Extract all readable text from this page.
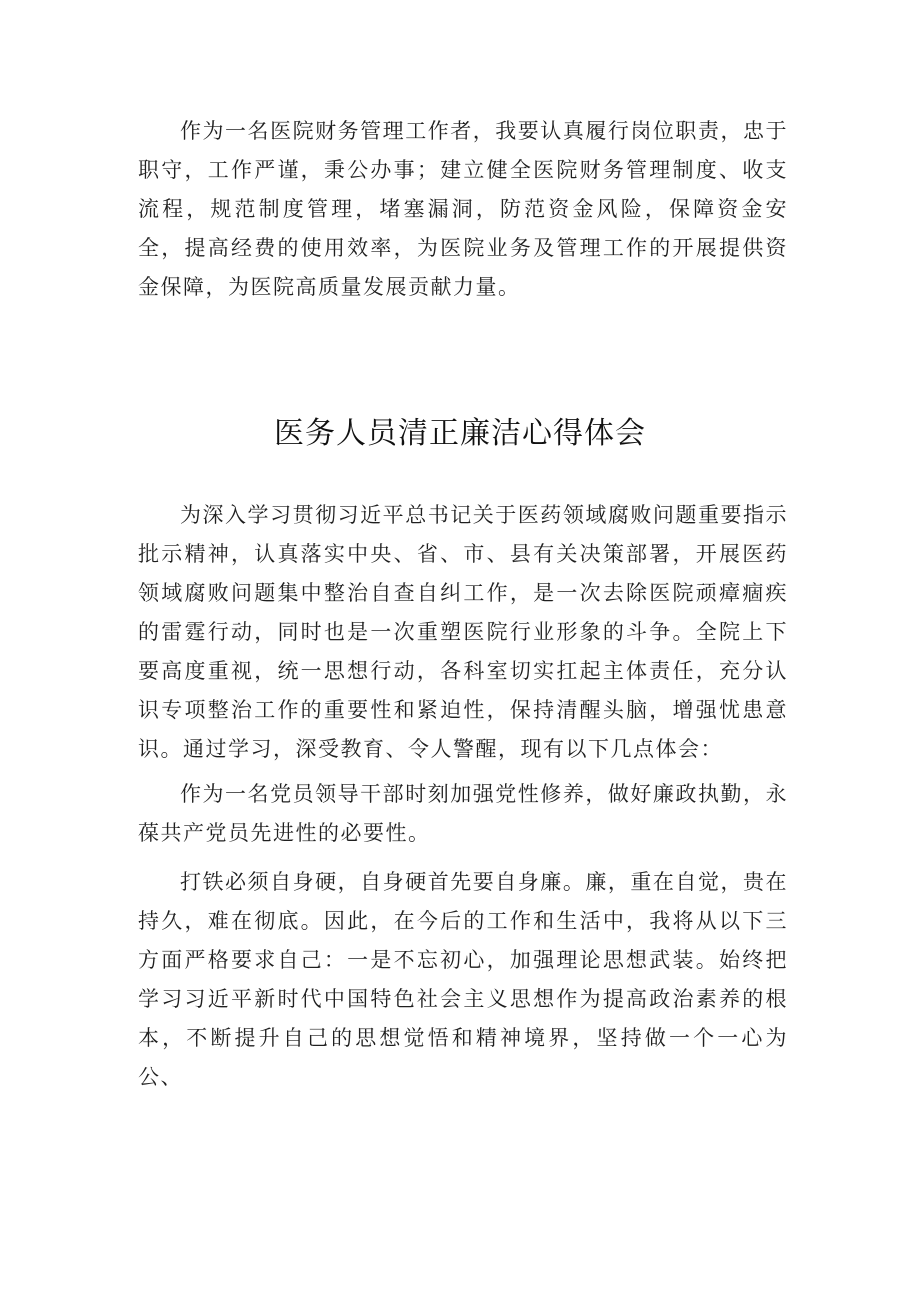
作为一名医院财务管理工作者，我要认真履行岗位职责，忠于职守，工作严谨，秉公办事；建立健全医院财务管理制度、收支流程，规范制度管理，堵塞漏洞，防范资金风险，保障资金安全，提高经费的使用效率，为医院业务及管理工作的开展提供资金保障，为医院高质量发展贡献力量。

医务人员清正廉洁心得体会

为深入学习贯彻习近平总书记关于医药领域腐败问题重要指示批示精神，认真落实中央、省、市、县有关决策部署，开展医药领域腐败问题集中整治自查自纠工作，是一次去除医院顽瘴痼疾的雷霆行动，同时也是一次重塑医院行业形象的斗争。全院上下要高度重视，统一思想行动，各科室切实扛起主体责任，充分认识专项整治工作的重要性和紧迫性，保持清醒头脑，增强忧患意识。通过学习，深受教育、令人警醒，现有以下几点体会：

作为一名党员领导干部时刻加强党性修养，做好廉政执勤，永葆共产党员先进性的必要性。

打铁必须自身硬，自身硬首先要自身廉。廉，重在自觉，贵在持久，难在彻底。因此，在今后的工作和生活中，我将从以下三方面严格要求自己：一是不忘初心，加强理论思想武装。始终把学习习近平新时代中国特色社会主义思想作为提高政治素养的根本，不断提升自己的思想觉悟和精神境界，坚持做一个一心为公、
